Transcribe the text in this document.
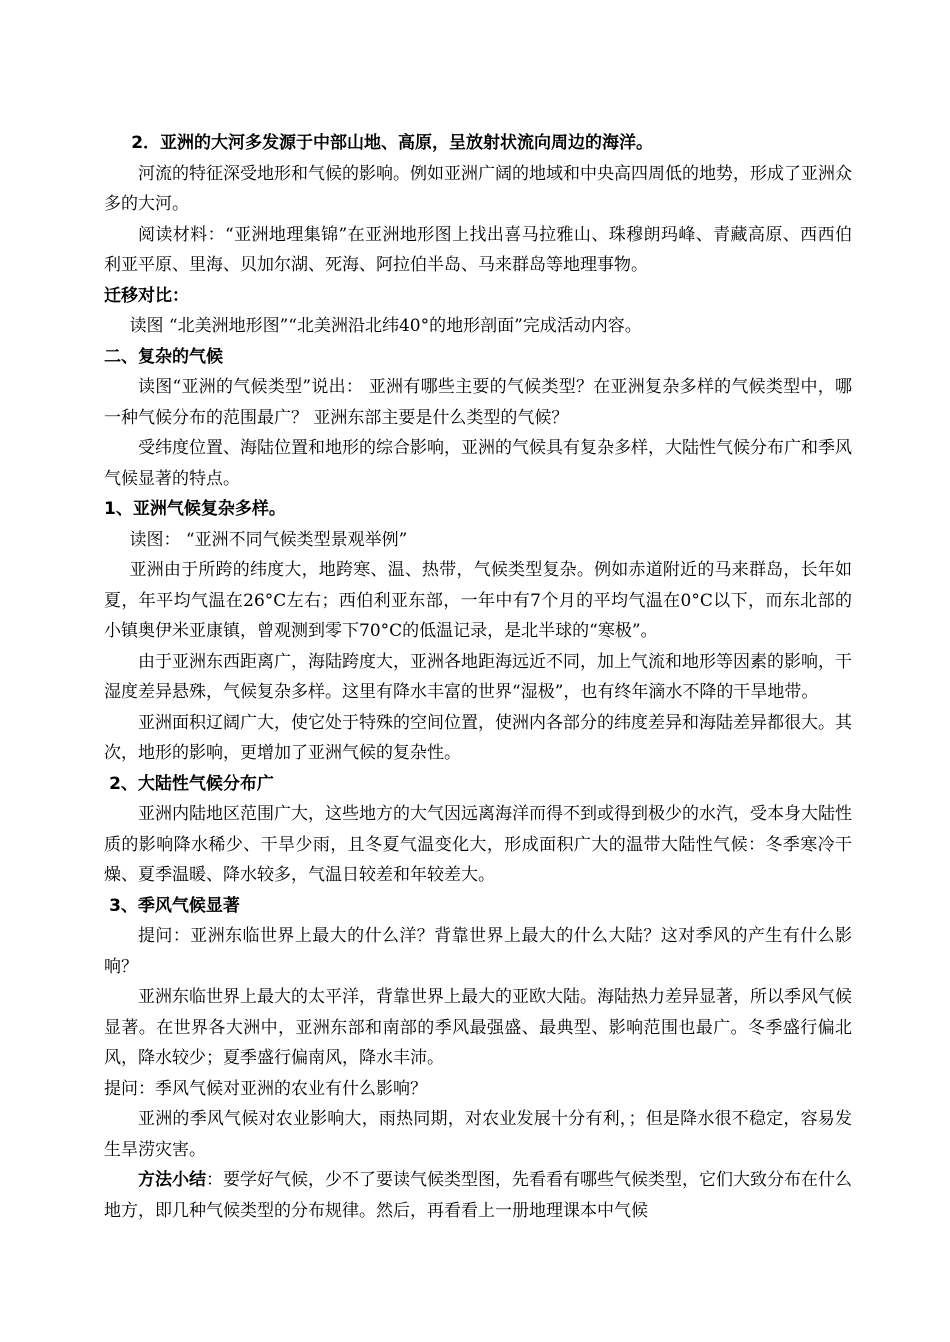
2．亚洲的大河多发源于中部山地、高原，呈放射状流向周边的海洋。

河流的特征深受地形和气候的影响。例如亚洲广阔的地域和中央高四周低的地势，形成了亚洲众多的大河。

阅读材料：“亚洲地理集锦”在亚洲地形图上找出喜马拉雅山、珠穆朗玛峰、青藏高原、西西伯利亚平原、里海、贝加尔湖、死海、阿拉伯半岛、马来群岛等地理事物。

迁移对比：

读图 “北美洲地形图”“北美洲沿北纬40°的地形剖面”完成活动内容。

二、复杂的气候

读图“亚洲的气候类型”说出： 亚洲有哪些主要的气候类型？在亚洲复杂多样的气候类型中，哪一种气候分布的范围最广？ 亚洲东部主要是什么类型的气候？

受纬度位置、海陆位置和地形的综合影响，亚洲的气候具有复杂多样，大陆性气候分布广和季风气候显著的特点。

1、亚洲气候复杂多样。

读图： “亚洲不同气候类型景观举例”

亚洲由于所跨的纬度大，地跨寒、温、热带，气候类型复杂。例如赤道附近的马来群岛，长年如夏，年平均气温在26°C左右；西伯利亚东部，一年中有7个月的平均气温在0°C以下，而东北部的小镇奥伊米亚康镇，曾观测到零下70°C的低温记录，是北半球的“寒极”。

由于亚洲东西距离广，海陆跨度大，亚洲各地距海远近不同，加上气流和地形等因素的影响，干湿度差异悬殊，气候复杂多样。这里有降水丰富的世界“湿极”，也有终年滴水不降的干旱地带。

亚洲面积辽阔广大，使它处于特殊的空间位置，使洲内各部分的纬度差异和海陆差异都很大。其次，地形的影响，更增加了亚洲气候的复杂性。

2、大陆性气候分布广

亚洲内陆地区范围广大，这些地方的大气因远离海洋而得不到或得到极少的水汽，受本身大陆性质的影响降水稀少、干旱少雨，且冬夏气温变化大，形成面积广大的温带大陆性气候：冬季寒冷干燥、夏季温暖、降水较多，气温日较差和年较差大。

3、季风气候显著

提问：亚洲东临世界上最大的什么洋？背靠世界上最大的什么大陆？这对季风的产生有什么影响？

亚洲东临世界上最大的太平洋，背靠世界上最大的亚欧大陆。海陆热力差异显著，所以季风气候显著。在世界各大洲中，亚洲东部和南部的季风最强盛、最典型、影响范围也最广。冬季盛行偏北风，降水较少；夏季盛行偏南风，降水丰沛。

提问：季风气候对亚洲的农业有什么影响？

亚洲的季风气候对农业影响大，雨热同期，对农业发展十分有利，；但是降水很不稳定，容易发生旱涝灾害。

方法小结：要学好气候，少不了要读气候类型图，先看看有哪些气候类型，它们大致分布在什么地方，即几种气候类型的分布规律。然后，再看看上一册地理课本中气候
